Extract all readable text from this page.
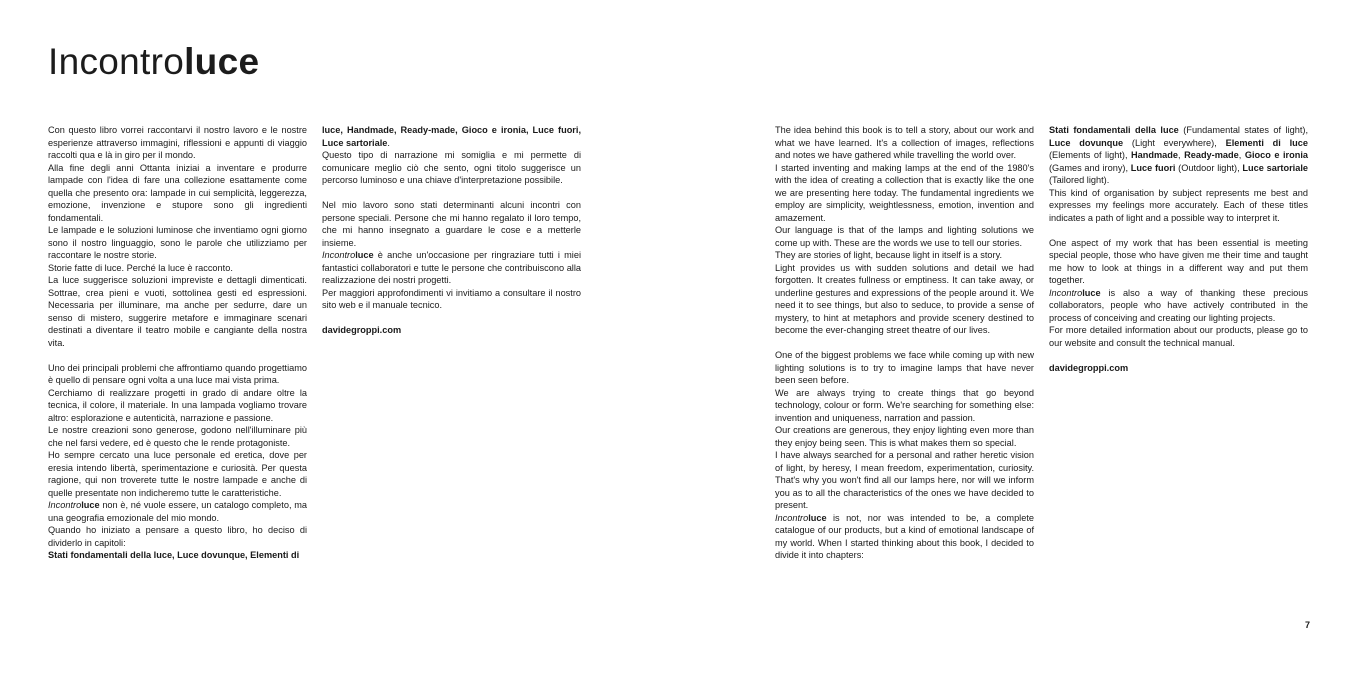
Incontroluce

Con questo libro vorrei raccontarvi il nostro lavoro e le nostre esperienze attraverso immagini, riflessioni e appunti di viaggio raccolti qua e là in giro per il mondo.

Alla fine degli anni Ottanta iniziai a inventare e produrre lampade con l'idea di fare una collezione esattamente come quella che presento ora: lampade in cui semplicità, leggerezza, emozione, invenzione e stupore sono gli ingredienti fondamentali.

Le lampade e le soluzioni luminose che inventiamo ogni giorno sono il nostro linguaggio, sono le parole che utilizziamo per raccontare le nostre storie.

Storie fatte di luce. Perché la luce è racconto.

La luce suggerisce soluzioni impreviste e dettagli dimenticati. Sottrae, crea pieni e vuoti, sottolinea gesti ed espressioni. Necessaria per illuminare, ma anche per sedurre, dare un senso di mistero, suggerire metafore e immaginare scenari destinati a diventare il teatro mobile e cangiante della nostra vita.

Uno dei principali problemi che affrontiamo quando progettiamo è quello di pensare ogni volta a una luce mai vista prima.

Cerchiamo di realizzare progetti in grado di andare oltre la tecnica, il colore, il materiale. In una lampada vogliamo trovare altro: esplorazione e autenticità, narrazione e passione.

Le nostre creazioni sono generose, godono nell'illuminare più che nel farsi vedere, ed è questo che le rende protagoniste.

Ho sempre cercato una luce personale ed eretica, dove per eresia intendo libertà, sperimentazione e curiosità. Per questa ragione, qui non troverete tutte le nostre lampade e anche di quelle presentate non indicheremo tutte le caratteristiche.

Incontroluce non è, né vuole essere, un catalogo completo, ma una geografia emozionale del mio mondo.

Quando ho iniziato a pensare a questo libro, ho deciso di dividerlo in capitoli:

Stati fondamentali della luce, Luce dovunque, Elementi di

luce, Handmade, Ready-made, Gioco e ironia, Luce fuori, Luce sartoriale.

Questo tipo di narrazione mi somiglia e mi permette di comunicare meglio ciò che sento, ogni titolo suggerisce un percorso luminoso e una chiave d'interpretazione possibile.

Nel mio lavoro sono stati determinanti alcuni incontri con persone speciali. Persone che mi hanno regalato il loro tempo, che mi hanno insegnato a guardare le cose e a metterle insieme.

Incontroluce è anche un'occasione per ringraziare tutti i miei fantastici collaboratori e tutte le persone che contribuiscono alla realizzazione dei nostri progetti.

Per maggiori approfondimenti vi invitiamo a consultare il nostro sito web e il manuale tecnico.

davidegroppi.com

The idea behind this book is to tell a story, about our work and what we have learned. It's a collection of images, reflections and notes we have gathered while travelling the world over.

I started inventing and making lamps at the end of the 1980's with the idea of creating a collection that is exactly like the one we are presenting here today. The fundamental ingredients we employ are simplicity, weightlessness, emotion, invention and amazement.

Our language is that of the lamps and lighting solutions we come up with. These are the words we use to tell our stories.

They are stories of light, because light in itself is a story.

Light provides us with sudden solutions and detail we had forgotten. It creates fullness or emptiness. It can take away, or underline gestures and expressions of the people around it. We need it to see things, but also to seduce, to provide a sense of mystery, to hint at metaphors and provide scenery destined to become the ever-changing street theatre of our lives.

One of the biggest problems we face while coming up with new lighting solutions is to try to imagine lamps that have never been seen before.

We are always trying to create things that go beyond technology, colour or form. We're searching for something else: invention and uniqueness, narration and passion.

Our creations are generous, they enjoy lighting even more than they enjoy being seen. This is what makes them so special.

I have always searched for a personal and rather heretic vision of light, by heresy, I mean freedom, experimentation, curiosity. That's why you won't find all our lamps here, nor will we inform you as to all the characteristics of the ones we have decided to present.

Incontroluce is not, nor was intended to be, a complete catalogue of our products, but a kind of emotional landscape of my world. When I started thinking about this book, I decided to divide it into chapters:

Stati fondamentali della luce (Fundamental states of light), Luce dovunque (Light everywhere), Elementi di luce (Elements of light), Handmade, Ready-made, Gioco e ironia (Games and irony), Luce fuori (Outdoor light), Luce sartoriale (Tailored light).

This kind of organisation by subject represents me best and expresses my feelings more accurately. Each of these titles indicates a path of light and a possible way to interpret it.

One aspect of my work that has been essential is meeting special people, those who have given me their time and taught me how to look at things in a different way and put them together.

Incontroluce is also a way of thanking these precious collaborators, people who have actively contributed in the process of conceiving and creating our lighting projects.

For more detailed information about our products, please go to our website and consult the technical manual.

davidegroppi.com

7
